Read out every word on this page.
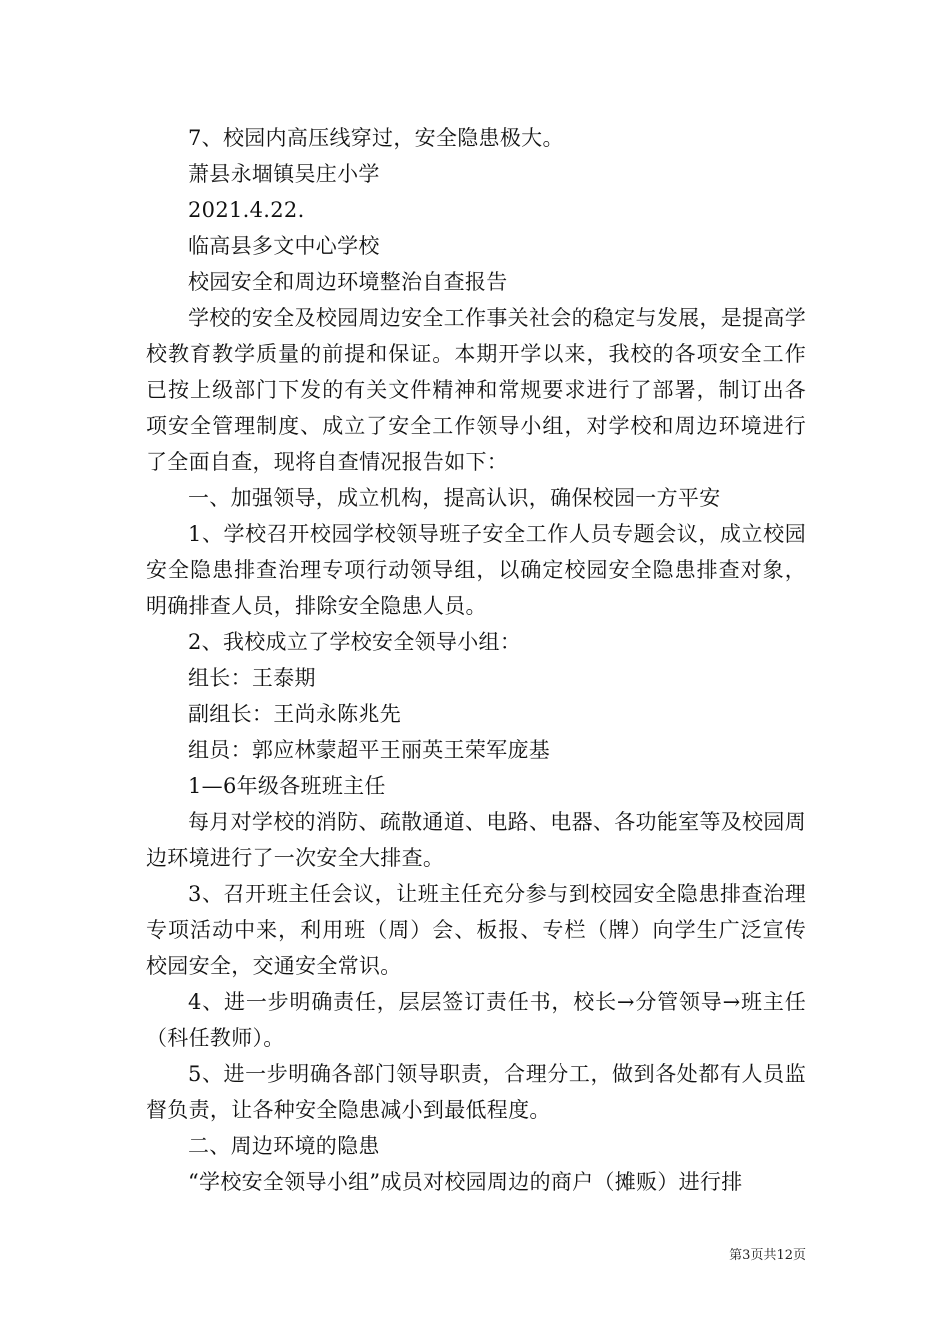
7、校园内高压线穿过，安全隐患极大。

萧县永堌镇吴庄小学

2021.4.22.

临高县多文中心学校

校园安全和周边环境整治自查报告

学校的安全及校园周边安全工作事关社会的稳定与发展，是提高学校教育教学质量的前提和保证。本期开学以来，我校的各项安全工作已按上级部门下发的有关文件精神和常规要求进行了部署，制订出各项安全管理制度、成立了安全工作领导小组，对学校和周边环境进行了全面自查，现将自查情况报告如下：

一、加强领导，成立机构，提高认识，确保校园一方平安

1、学校召开校园学校领导班子安全工作人员专题会议，成立校园安全隐患排查治理专项行动领导组，以确定校园安全隐患排查对象，明确排查人员，排除安全隐患人员。

2、我校成立了学校安全领导小组：

组长：王泰期

副组长：王尚永陈兆先

组员：郭应林蒙超平王丽英王荣军庞基

1—6年级各班班主任

每月对学校的消防、疏散通道、电路、电器、各功能室等及校园周边环境进行了一次安全大排查。

3、召开班主任会议，让班主任充分参与到校园安全隐患排查治理专项活动中来，利用班（周）会、板报、专栏（牌）向学生广泛宣传校园安全，交通安全常识。

4、进一步明确责任，层层签订责任书，校长→分管领导→班主任（科任教师）。

5、进一步明确各部门领导职责，合理分工，做到各处都有人员监督负责，让各种安全隐患减小到最低程度。

二、周边环境的隐患

“学校安全领导小组”成员对校园周边的商户（摊贩）进行排

第3页共12页
